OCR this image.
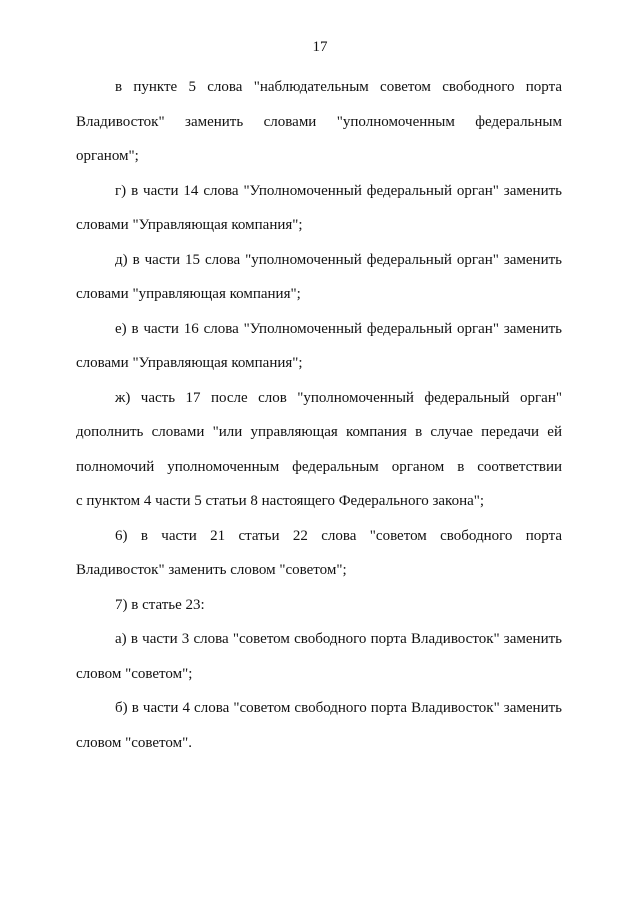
17
в пункте 5 слова "наблюдательным советом свободного порта
Владивосток" заменить словами "уполномоченным федеральным
органом";
г) в части 14 слова "Уполномоченный федеральный орган" заменить
словами "Управляющая компания";
д) в части 15 слова "уполномоченный федеральный орган" заменить
словами "управляющая компания";
е) в части 16 слова "Уполномоченный федеральный орган" заменить
словами "Управляющая компания";
ж) часть 17 после слов "уполномоченный федеральный орган"
дополнить словами "или управляющая компания в случае передачи ей
полномочий уполномоченным федеральным органом в соответствии
с пунктом 4 части 5 статьи 8 настоящего Федерального закона";
6) в части 21 статьи 22 слова "советом свободного порта
Владивосток" заменить словом "советом";
7) в статье 23:
а) в части 3 слова "советом свободного порта Владивосток" заменить
словом "советом";
б) в части 4 слова "советом свободного порта Владивосток" заменить
словом "советом".
